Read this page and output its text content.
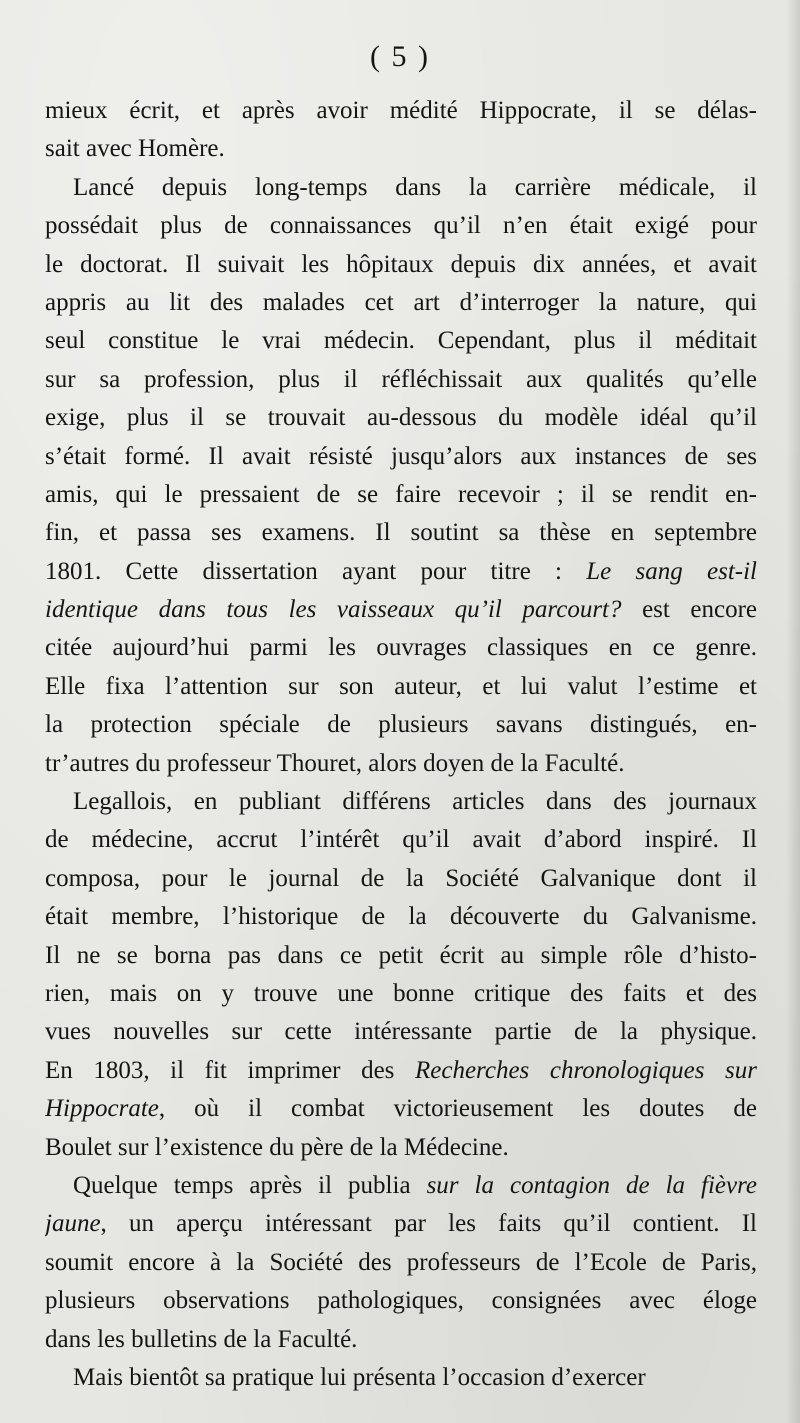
( 5 )
mieux écrit, et après avoir médité Hippocrate, il se délas-
sait avec Homère.
Lancé depuis long-temps dans la carrière médicale, il
possédait plus de connaissances qu’il n’en était exigé pour
le doctorat. Il suivait les hôpitaux depuis dix années, et avait
appris au lit des malades cet art d’interroger la nature, qui
seul constitue le vrai médecin. Cependant, plus il méditait
sur sa profession, plus il réfléchissait aux qualités qu’elle
exige, plus il se trouvait au-dessous du modèle idéal qu’il
s’était formé. Il avait résisté jusqu’alors aux instances de ses
amis, qui le pressaient de se faire recevoir ; il se rendit en-
fin, et passa ses examens. Il soutint sa thèse en septembre
1801. Cette dissertation ayant pour titre : Le sang est-il
identique dans tous les vaisseaux qu’il parcourt? est encore
citée aujourd’hui parmi les ouvrages classiques en ce genre.
Elle fixa l’attention sur son auteur, et lui valut l’estime et
la protection spéciale de plusieurs savans distingués, en-
tr’autres du professeur Thouret, alors doyen de la Faculté.
Legallois, en publiant différens articles dans des journaux
de médecine, accrut l’intérêt qu’il avait d’abord inspiré. Il
composa, pour le journal de la Société Galvanique dont il
était membre, l’historique de la découverte du Galvanisme.
Il ne se borna pas dans ce petit écrit au simple rôle d’histo-
rien, mais on y trouve une bonne critique des faits et des
vues nouvelles sur cette intéressante partie de la physique.
En 1803, il fit imprimer des Recherches chronologiques sur
Hippocrate, où il combat victorieusement les doutes de
Boulet sur l’existence du père de la Médecine.
Quelque temps après il publia sur la contagion de la fièvre
jaune, un aperçu intéressant par les faits qu’il contient. Il
soumit encore à la Société des professeurs de l’Ecole de Paris,
plusieurs observations pathologiques, consignées avec éloge
dans les bulletins de la Faculté.
Mais bientôt sa pratique lui présenta l’occasion d’exercer
